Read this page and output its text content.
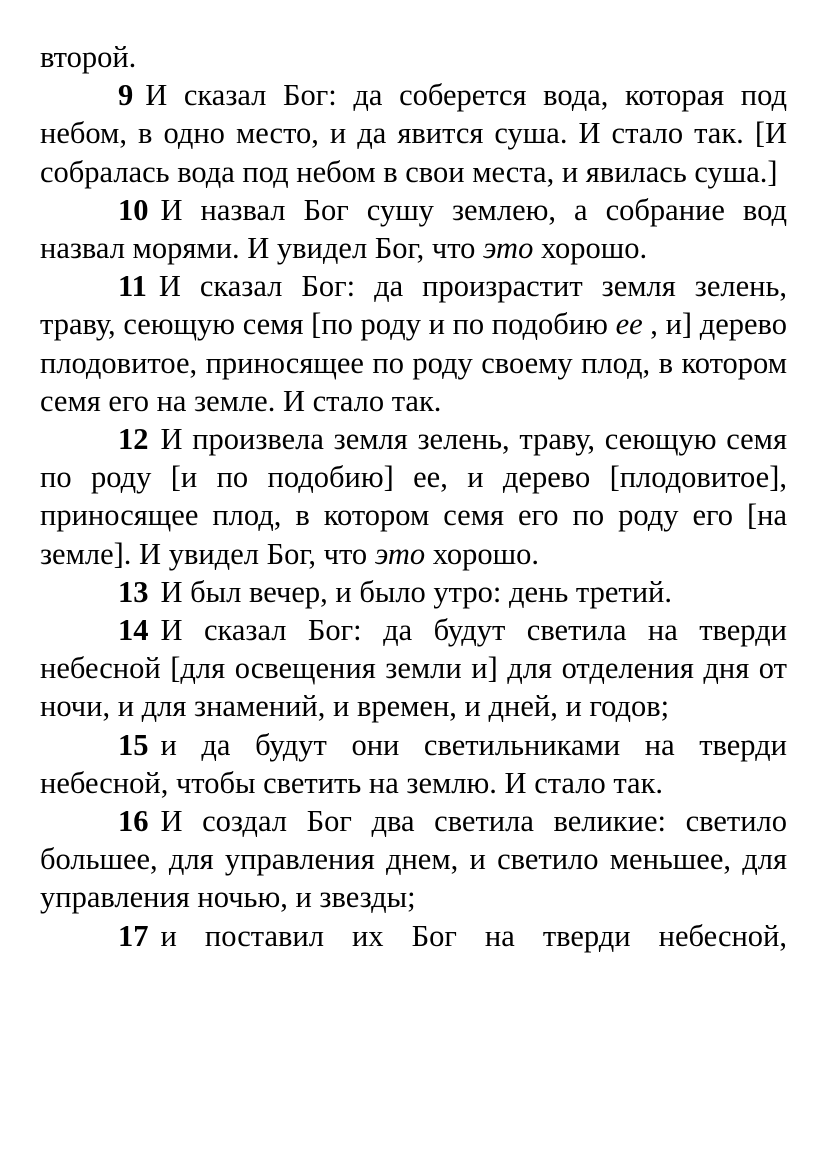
второй.

9 И сказал Бог: да соберется вода, которая под небом, в одно место, и да явится суша. И стало так. [И собралась вода под небом в свои места, и явилась суша.]

10 И назвал Бог сушу землею, а собрание вод назвал морями. И увидел Бог, что это хорошо.

11 И сказал Бог: да произрастит земля зелень, траву, сеющую семя [по роду и по подобию ее , и] дерево плодовитое, приносящее по роду своему плод, в котором семя его на земле. И стало так.

12 И произвела земля зелень, траву, сеющую семя по роду [и по подобию] ее, и дерево [плодовитое], приносящее плод, в котором семя его по роду его [на земле]. И увидел Бог, что это хорошо.

13 И был вечер, и было утро: день третий.

14 И сказал Бог: да будут светила на тверди небесной [для освещения земли и] для отделения дня от ночи, и для знамений, и времен, и дней, и годов;

15 и да будут они светильниками на тверди небесной, чтобы светить на землю. И стало так.

16 И создал Бог два светила великие: светило большее, для управления днем, и светило меньшее, для управления ночью, и звезды;

17 и поставил их Бог на тверди небесной,
